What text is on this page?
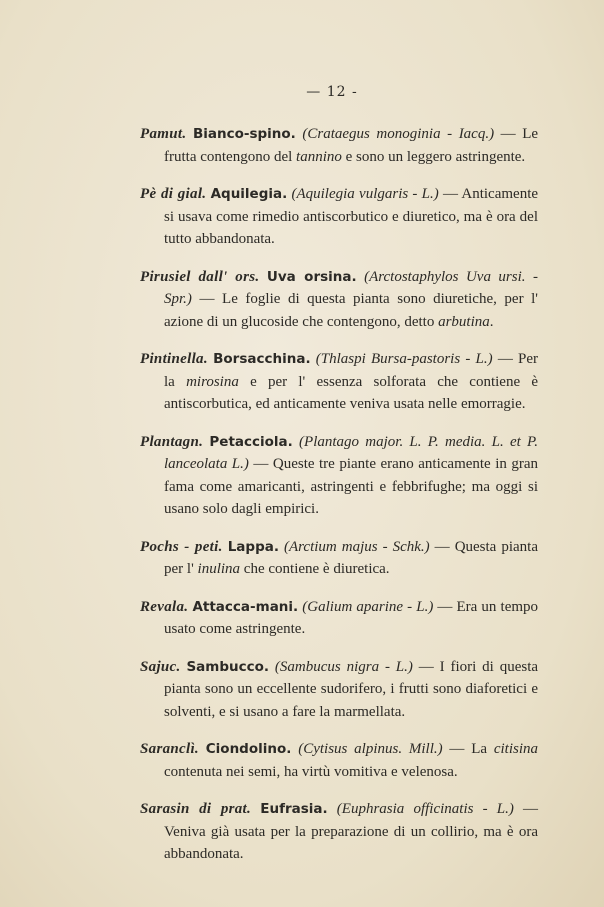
— 12 -

Pamut. Bianco-spino. (Crataegus monoginia - Iacq.) — Le frutta contengono del tannino e sono un leggero astringente.

Pè di gial. Aquilegia. (Aquilegia vulgaris - L.) — Anticamente si usava come rimedio antiscorbutico e diuretico, ma è ora del tutto abbandonata.

Pirusiel dall' ors. Uva orsina. (Arctostaphylos Uva ursi. - Spr.) — Le foglie di questa pianta sono diuretiche, per l' azione di un glucoside che contengono, detto arbutina.

Pintinella. Borsacchina. (Thlaspi Bursa-pastoris - L.) — Per la mirosina e per l' essenza solforata che contiene è antiscorbutica, ed anticamente veniva usata nelle emorragie.

Plantagn. Petacciola. (Plantago major. L. P. media. L. et P. lanceolata L.) — Queste tre piante erano anticamente in gran fama come amaricanti, astringenti e febbrifughe; ma oggi si usano solo dagli empirici.

Pochs - peti. Lappa. (Arctium majus - Schk.) — Questa pianta per l' inulina che contiene è diuretica.

Revala. Attacca-mani. (Galium aparine - L.) — Era un tempo usato come astringente.

Sajuc. Sambucco. (Sambucus nigra - L.) — I fiori di questa pianta sono un eccellente sudorifero, i frutti sono diaforetici e solventi, e si usano a fare la marmellata.

Saranclì. Ciondolino. (Cytisus alpinus. Mill.) — La citisina contenuta nei semi, ha virtù vomitiva e velenosa.

Sarasin di prat. Eufrasia. (Euphrasia officinatis - L.) — Veniva già usata per la preparazione di un collirio, ma è ora abbandonata.
